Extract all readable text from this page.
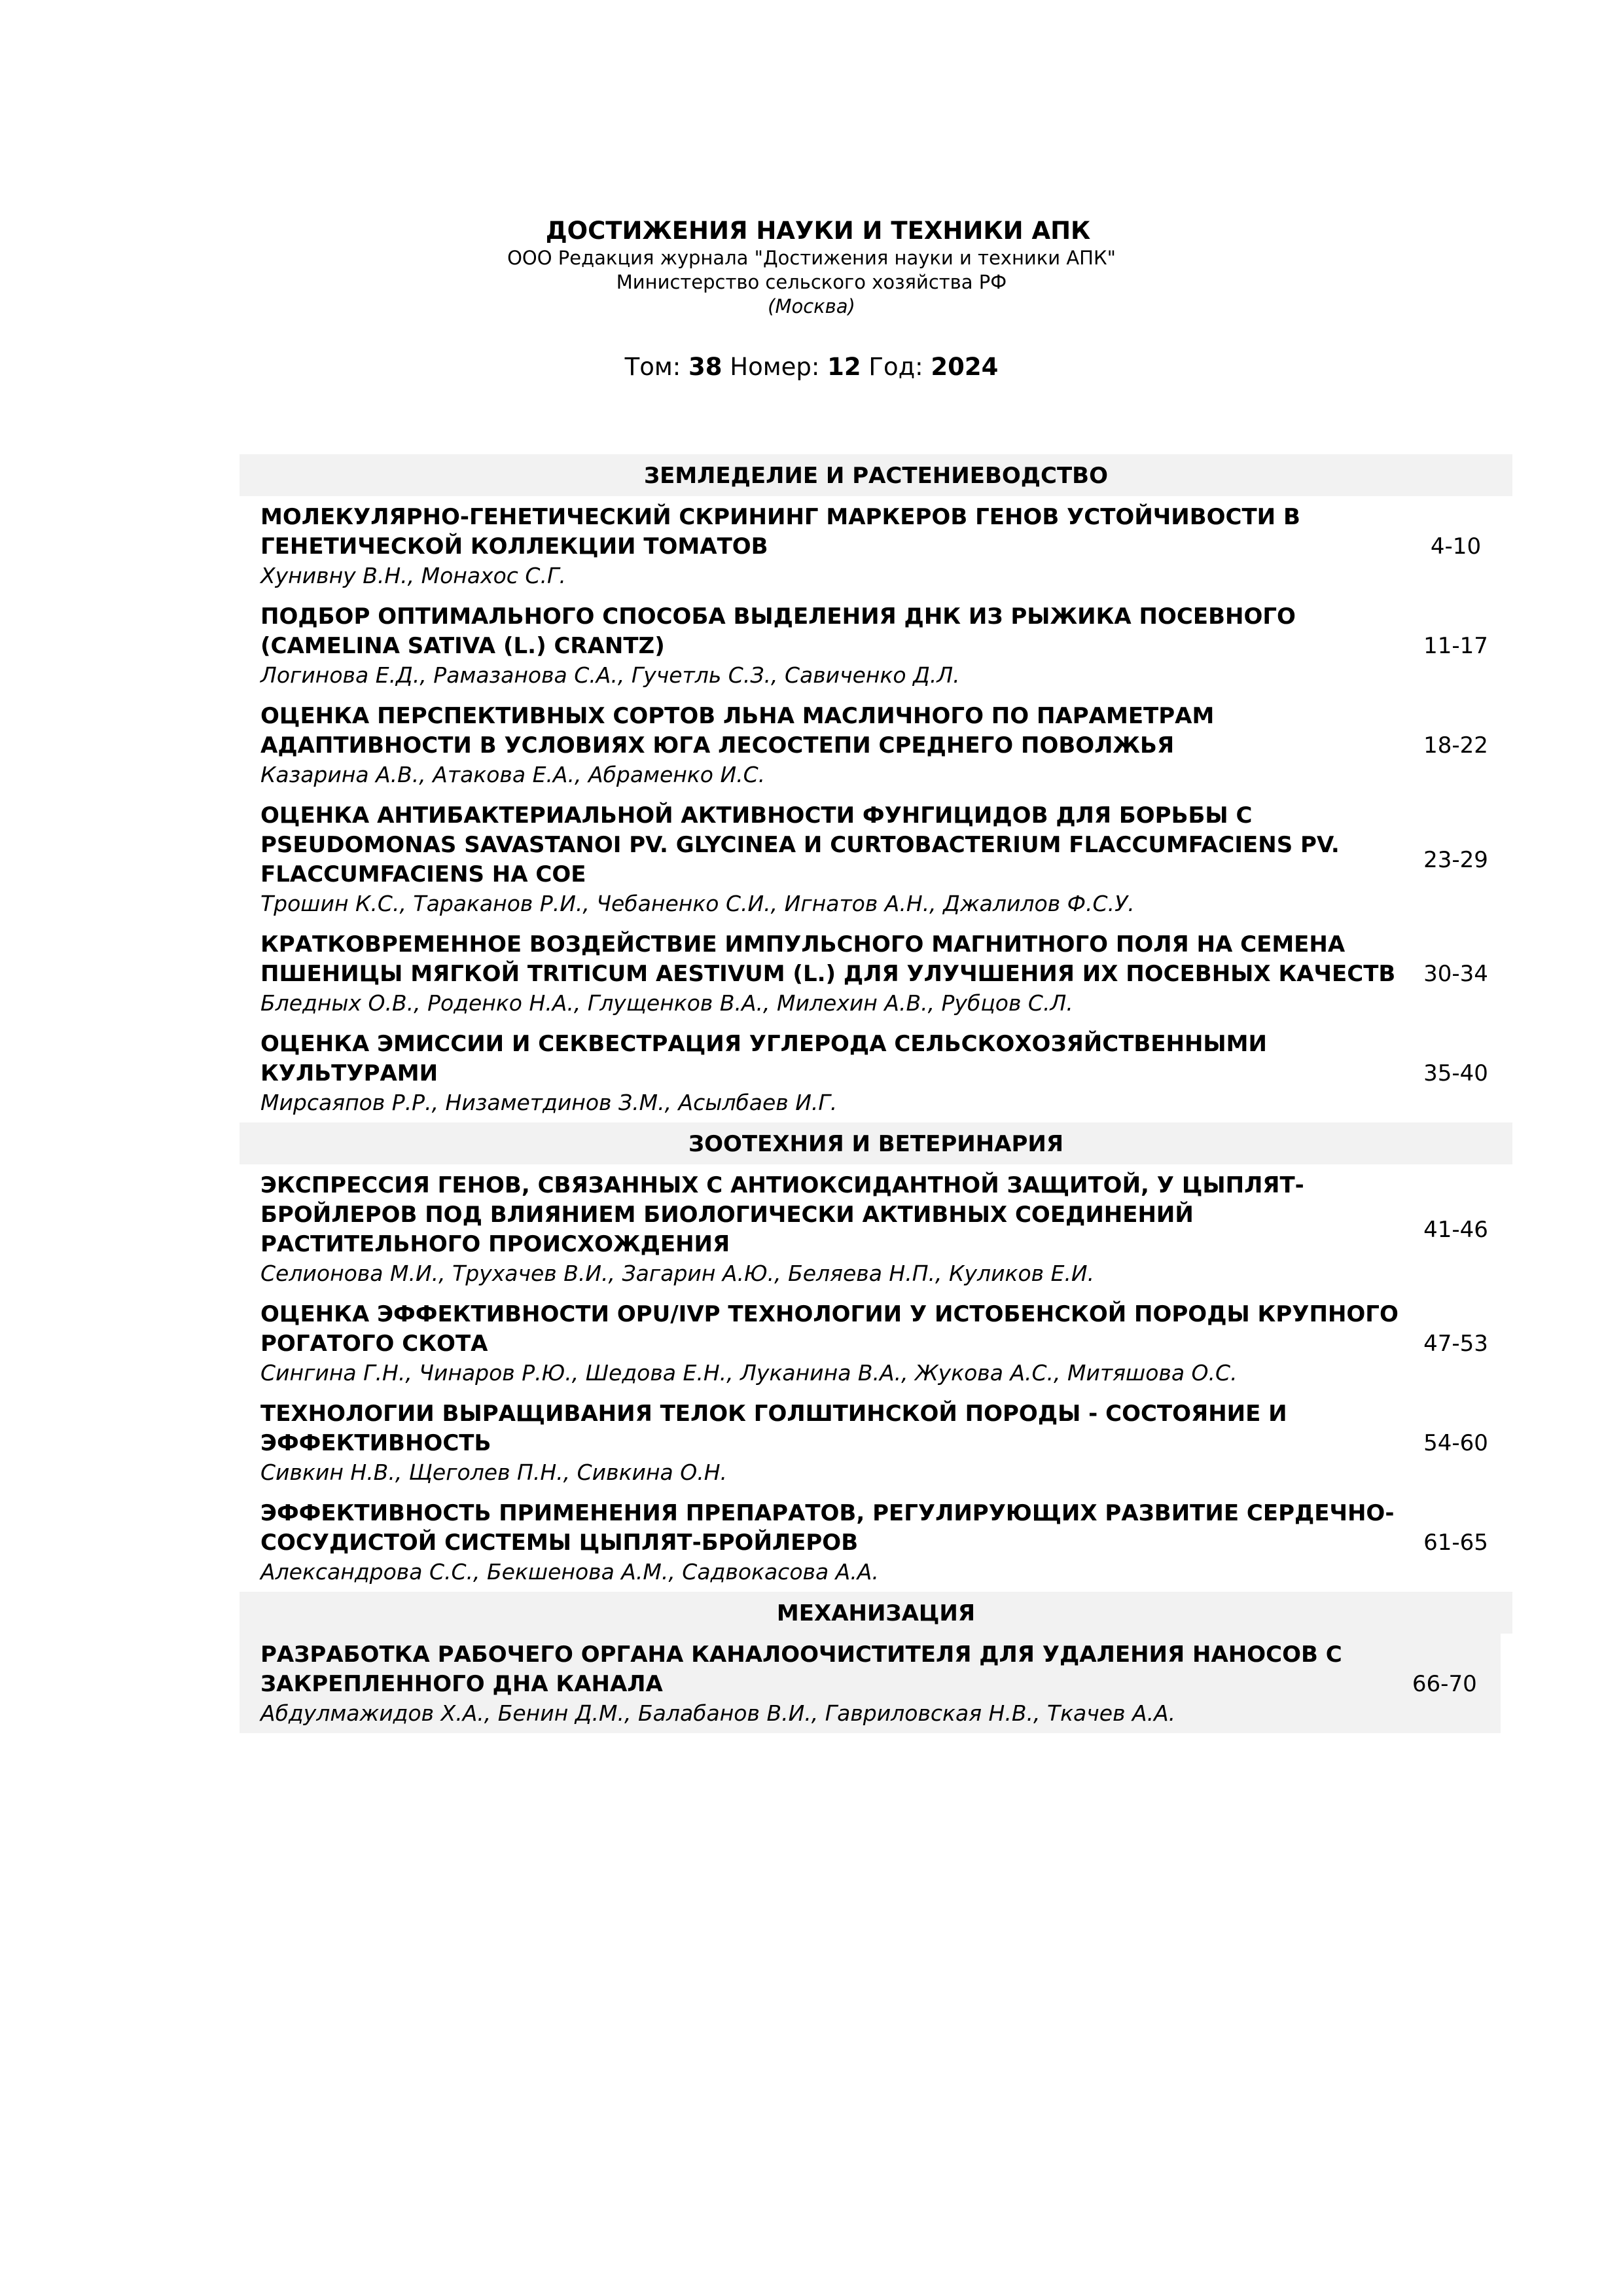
ДОСТИЖЕНИЯ НАУКИ И ТЕХНИКИ АПК
ООО Редакция журнала "Достижения науки и техники АПК"
Министерство сельского хозяйства РФ
(Москва)
Том: 38 Номер: 12 Год: 2024
ЗЕМЛЕДЕЛИЕ И РАСТЕНИЕВОДСТВО
МОЛЕКУЛЯРНО-ГЕНЕТИЧЕСКИЙ СКРИНИНГ МАРКЕРОВ ГЕНОВ УСТОЙЧИВОСТИ В ГЕНЕТИЧЕСКОЙ КОЛЛЕКЦИИ ТОМАТОВ
Хунивну В.Н., Монахос С.Г.
4-10
ПОДБОР ОПТИМАЛЬНОГО СПОСОБА ВЫДЕЛЕНИЯ ДНК ИЗ РЫЖИКА ПОСЕВНОГО (CAMELINA SATIVA (L.) CRANTZ)
Логинова Е.Д., Рамазанова С.А., Гучетль С.З., Савиченко Д.Л.
11-17
ОЦЕНКА ПЕРСПЕКТИВНЫХ СОРТОВ ЛЬНА МАСЛИЧНОГО ПО ПАРАМЕТРАМ АДАПТИВНОСТИ В УСЛОВИЯХ ЮГА ЛЕСОСТЕПИ СРЕДНЕГО ПОВОЛЖЬЯ
Казарина А.В., Атакова Е.А., Абраменко И.С.
18-22
ОЦЕНКА АНТИБАКТЕРИАЛЬНОЙ АКТИВНОСТИ ФУНГИЦИДОВ ДЛЯ БОРЬБЫ С PSEUDOMONAS SAVASTANOI PV. GLYCINEA И CURTOBACTERIUM FLACCUMFACIENS PV. FLACCUMFACIENS НА СОЕ
Трошин К.С., Тараканов Р.И., Чебаненко С.И., Игнатов А.Н., Джалилов Ф.С.У.
23-29
КРАТКОВРЕМЕННОЕ ВОЗДЕЙСТВИЕ ИМПУЛЬСНОГО МАГНИТНОГО ПОЛЯ НА СЕМЕНА ПШЕНИЦЫ МЯГКОЙ TRITICUM AESTIVUM (L.) ДЛЯ УЛУЧШЕНИЯ ИХ ПОСЕВНЫХ КАЧЕСТВ
Бледных О.В., Роденко Н.А., Глущенков В.А., Милехин А.В., Рубцов С.Л.
30-34
ОЦЕНКА ЭМИССИИ И СЕКВЕСТРАЦИЯ УГЛЕРОДА СЕЛЬСКОХОЗЯЙСТВЕННЫМИ КУЛЬТУРАМИ
Мирсаяпов Р.Р., Низаметдинов З.М., Асылбаев И.Г.
35-40
ЗООТЕХНИЯ И ВЕТЕРИНАРИЯ
ЭКСПРЕССИЯ ГЕНОВ, СВЯЗАННЫХ С АНТИОКСИДАНТНОЙ ЗАЩИТОЙ, У ЦЫПЛЯТ-БРОЙЛЕРОВ ПОД ВЛИЯНИЕМ БИОЛОГИЧЕСКИ АКТИВНЫХ СОЕДИНЕНИЙ РАСТИТЕЛЬНОГО ПРОИСХОЖДЕНИЯ
Селионова М.И., Трухачев В.И., Загарин А.Ю., Беляева Н.П., Куликов Е.И.
41-46
ОЦЕНКА ЭФФЕКТИВНОСТИ OPU/IVP ТЕХНОЛОГИИ У ИСТОБЕНСКОЙ ПОРОДЫ КРУПНОГО РОГАТОГО СКОТА
Сингина Г.Н., Чинаров Р.Ю., Шедова Е.Н., Луканина В.А., Жукова А.С., Митяшова О.С.
47-53
ТЕХНОЛОГИИ ВЫРАЩИВАНИЯ ТЕЛОК ГОЛШТИНСКОЙ ПОРОДЫ - СОСТОЯНИЕ И ЭФФЕКТИВНОСТЬ
Сивкин Н.В., Щеголев П.Н., Сивкина О.Н.
54-60
ЭФФЕКТИВНОСТЬ ПРИМЕНЕНИЯ ПРЕПАРАТОВ, РЕГУЛИРУЮЩИХ РАЗВИТИЕ СЕРДЕЧНО-СОСУДИСТОЙ СИСТЕМЫ ЦЫПЛЯТ-БРОЙЛЕРОВ
Александрова С.С., Бекшенова А.М., Садвокасова А.А.
61-65
МЕХАНИЗАЦИЯ
РАЗРАБОТКА РАБОЧЕГО ОРГАНА КАНАЛООЧИСТИТЕЛЯ ДЛЯ УДАЛЕНИЯ НАНОСОВ С ЗАКРЕПЛЕННОГО ДНА КАНАЛА
Абдулмажидов Х.А., Бенин Д.М., Балабанов В.И., Гавриловская Н.В., Ткачев А.А.
66-70
